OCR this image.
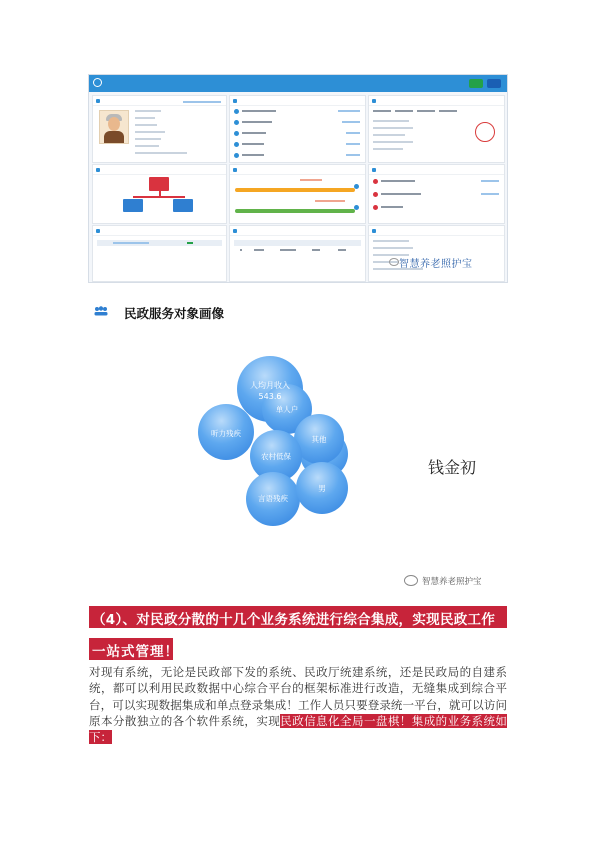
智慧养老照护宝
民政服务对象画像
人均月收入
543.6
单人户
听力残疾
其他
农村低保
言语残疾
男
钱金初
智慧养老照护宝
（4）、对民政分散的十几个业务系统进行综合集成，实现民政工作
一站式管理！
对现有系统，无论是民政部下发的系统、民政厅统建系统，还是民政局的自建系统，都可以利用民政数据中心综合平台的框架标准进行改造，无缝集成到综合平台，可以实现数据集成和单点登录集成！工作人员只要登录统一平台，就可以访问原本分散独立的各个软件系统，实现民政信息化全局一盘棋！集成的业务系统如下：
